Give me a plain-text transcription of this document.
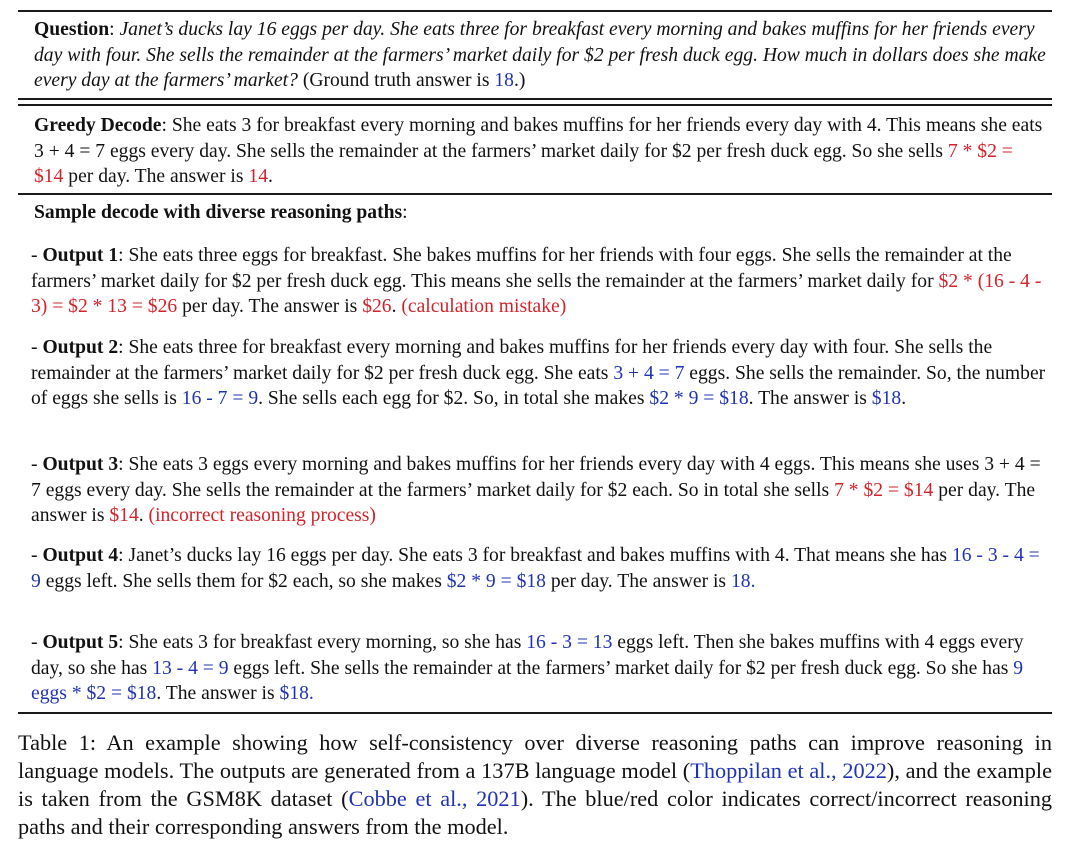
Question: Janet’s ducks lay 16 eggs per day. She eats three for breakfast every morning and bakes muffins for her friends every day with four. She sells the remainder at the farmers’ market daily for $2 per fresh duck egg. How much in dollars does she make every day at the farmers’ market? (Ground truth answer is 18.)
Greedy Decode: She eats 3 for breakfast every morning and bakes muffins for her friends every day with 4. This means she eats 3 + 4 = 7 eggs every day. She sells the remainder at the farmers’ market daily for $2 per fresh duck egg. So she sells 7 * $2 = $14 per day. The answer is 14.
Sample decode with diverse reasoning paths:
- Output 1: She eats three eggs for breakfast. She bakes muffins for her friends with four eggs. She sells the remainder at the farmers’ market daily for $2 per fresh duck egg. This means she sells the remainder at the farmers’ market daily for $2 * (16 - 4 - 3) = $2 * 13 = $26 per day. The answer is $26. (calculation mistake)
- Output 2: She eats three for breakfast every morning and bakes muffins for her friends every day with four. She sells the remainder at the farmers’ market daily for $2 per fresh duck egg. She eats 3 + 4 = 7 eggs. She sells the remainder. So, the number of eggs she sells is 16 - 7 = 9. She sells each egg for $2. So, in total she makes $2 * 9 = $18. The answer is $18.
- Output 3: She eats 3 eggs every morning and bakes muffins for her friends every day with 4 eggs. This means she uses 3 + 4 = 7 eggs every day. She sells the remainder at the farmers’ market daily for $2 each. So in total she sells 7 * $2 = $14 per day. The answer is $14. (incorrect reasoning process)
- Output 4: Janet’s ducks lay 16 eggs per day. She eats 3 for breakfast and bakes muffins with 4. That means she has 16 - 3 - 4 = 9 eggs left. She sells them for $2 each, so she makes $2 * 9 = $18 per day. The answer is 18.
- Output 5: She eats 3 for breakfast every morning, so she has 16 - 3 = 13 eggs left. Then she bakes muffins with 4 eggs every day, so she has 13 - 4 = 9 eggs left. She sells the remainder at the farmers’ market daily for $2 per fresh duck egg. So she has 9 eggs * $2 = $18. The answer is $18.
Table 1: An example showing how self-consistency over diverse reasoning paths can improve reasoning in language models. The outputs are generated from a 137B language model (Thoppilan et al., 2022), and the example is taken from the GSM8K dataset (Cobbe et al., 2021). The blue/red color indicates correct/incorrect reasoning paths and their corresponding answers from the model.
